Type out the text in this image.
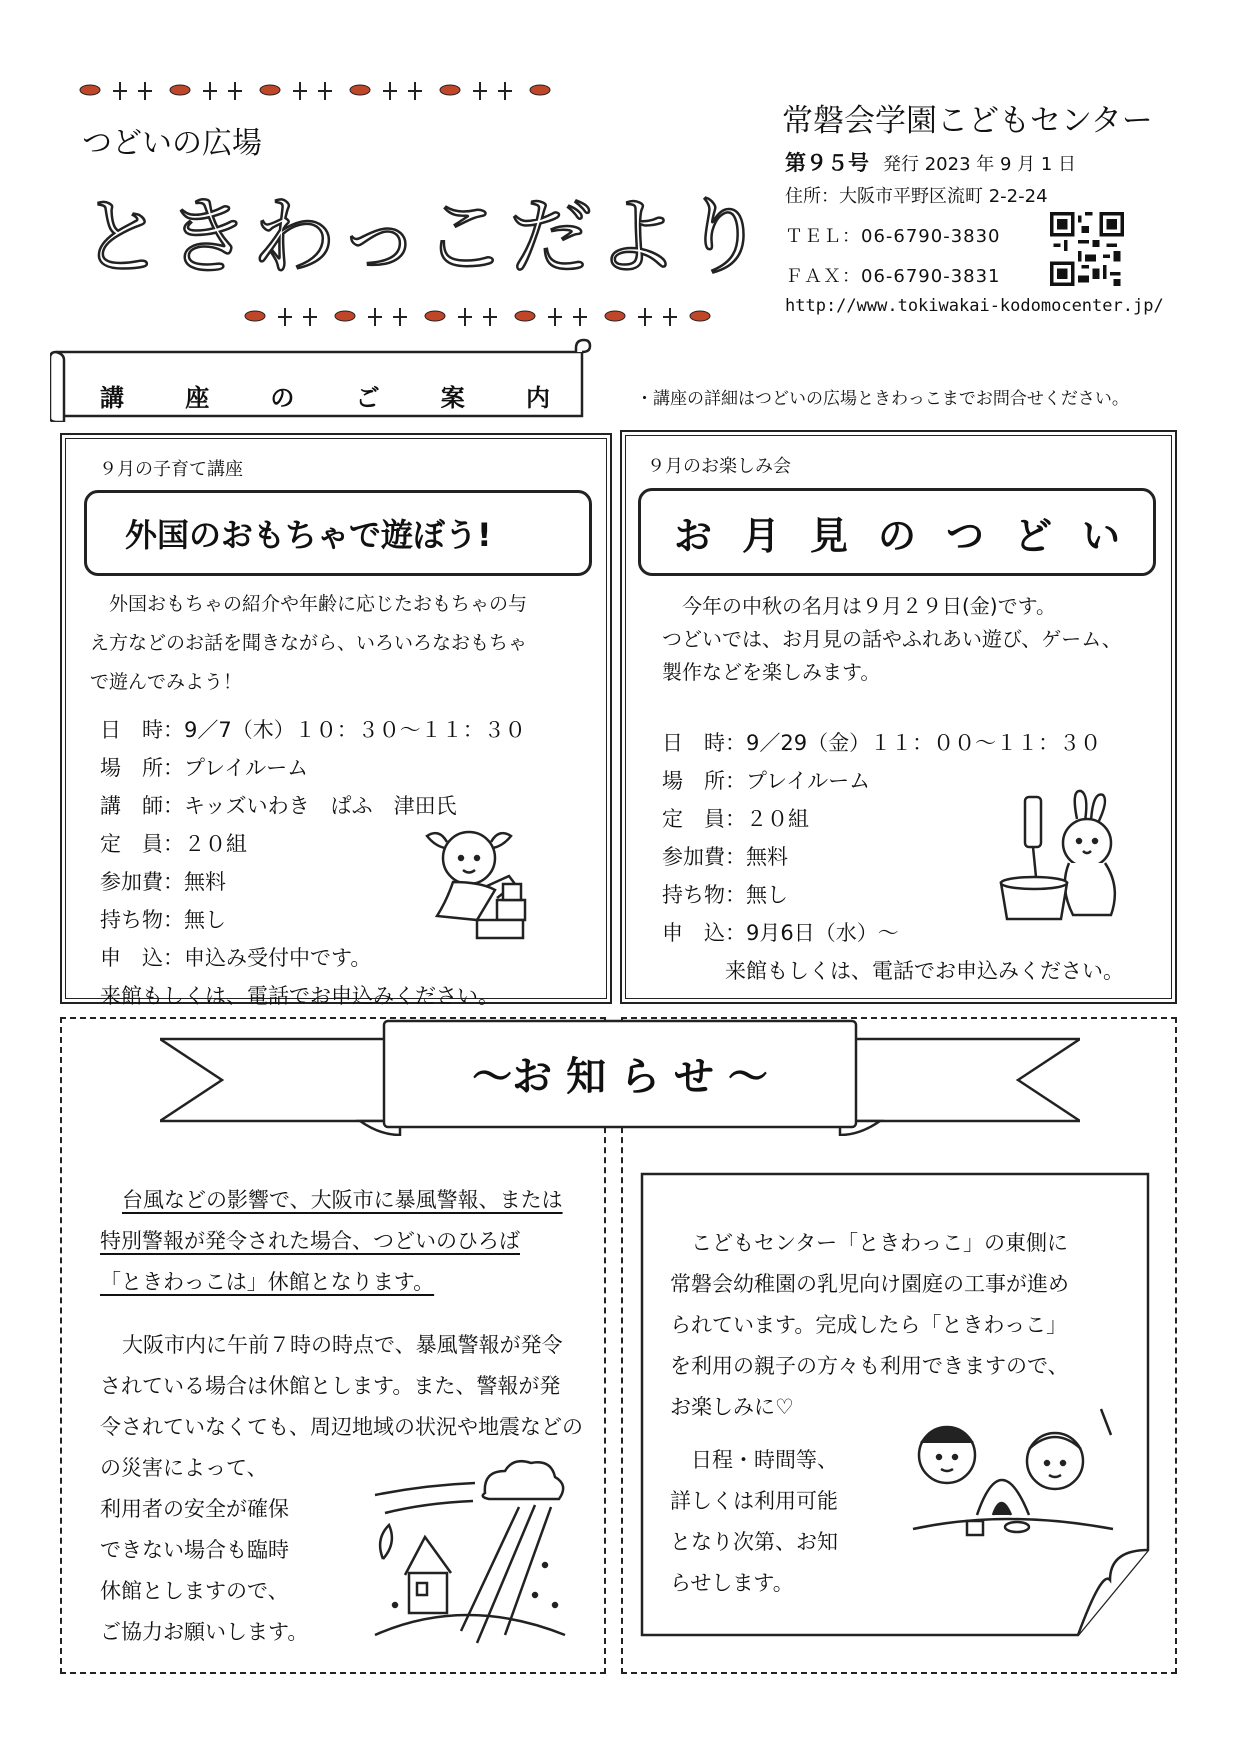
つどいの広場
ときわっこだより
常磐会学園こどもセンター
第９５号 発行 2023 年 9 月 1 日
住所：大阪市平野区流町 2-2-24
ＴＥＬ：06-6790-3830
ＦＡＸ：06-6790-3831
http://www.tokiwakai-kodomocenter.jp/
講	座	の	ご	案	内	・講座の詳細はつどいの広場ときわっこまでお問合せください。
９月の子育て講座
外国のおもちゃで遊ぼう!
　外国おもちゃの紹介や年齢に応じたおもちゃの与
え方などのお話を聞きながら、いろいろなおもちゃ
で遊んでみよう！
日　時：9／7（木）１０：３０～１１：３０
場　所：プレイルーム
講　師：キッズいわき　ぱふ　津田氏
定　員：２０組
参加費：無料
持ち物：無し
申　込：申込み受付中です。
来館もしくは、電話でお申込みください。
９月のお楽しみ会
お 月 見 の つ ど い
　今年の中秋の名月は９月２９日(金)です。
つどいでは、お月見の話やふれあい遊び、ゲーム、
製作などを楽しみます。
日　時：9／29（金）１１：００～１１：３０
場　所：プレイルーム
定　員：２０組
参加費：無料
持ち物：無し
申　込：9月6日（水）～
　　　来館もしくは、電話でお申込みください。
～お 知 ら せ ～
台風などの影響で、大阪市に暴風警報、または
特別警報が発令された場合、つどいのひろば
「ときわっこは」休館となります。
大阪市内に午前７時の時点で、暴風警報が発令
されている場合は休館とします。また、警報が発
令されていなくても、周辺地域の状況や地震などの
の災害によって、
利用者の安全が確保
できない場合も臨時
休館としますので、
ご協力お願いします。
　こどもセンター「ときわっこ」の東側に
常磐会幼稚園の乳児向け園庭の工事が進め
られています。完成したら「ときわっこ」
を利用の親子の方々も利用できますので、
お楽しみに♡
　日程・時間等、
詳しくは利用可能
となり次第、お知
らせします。
